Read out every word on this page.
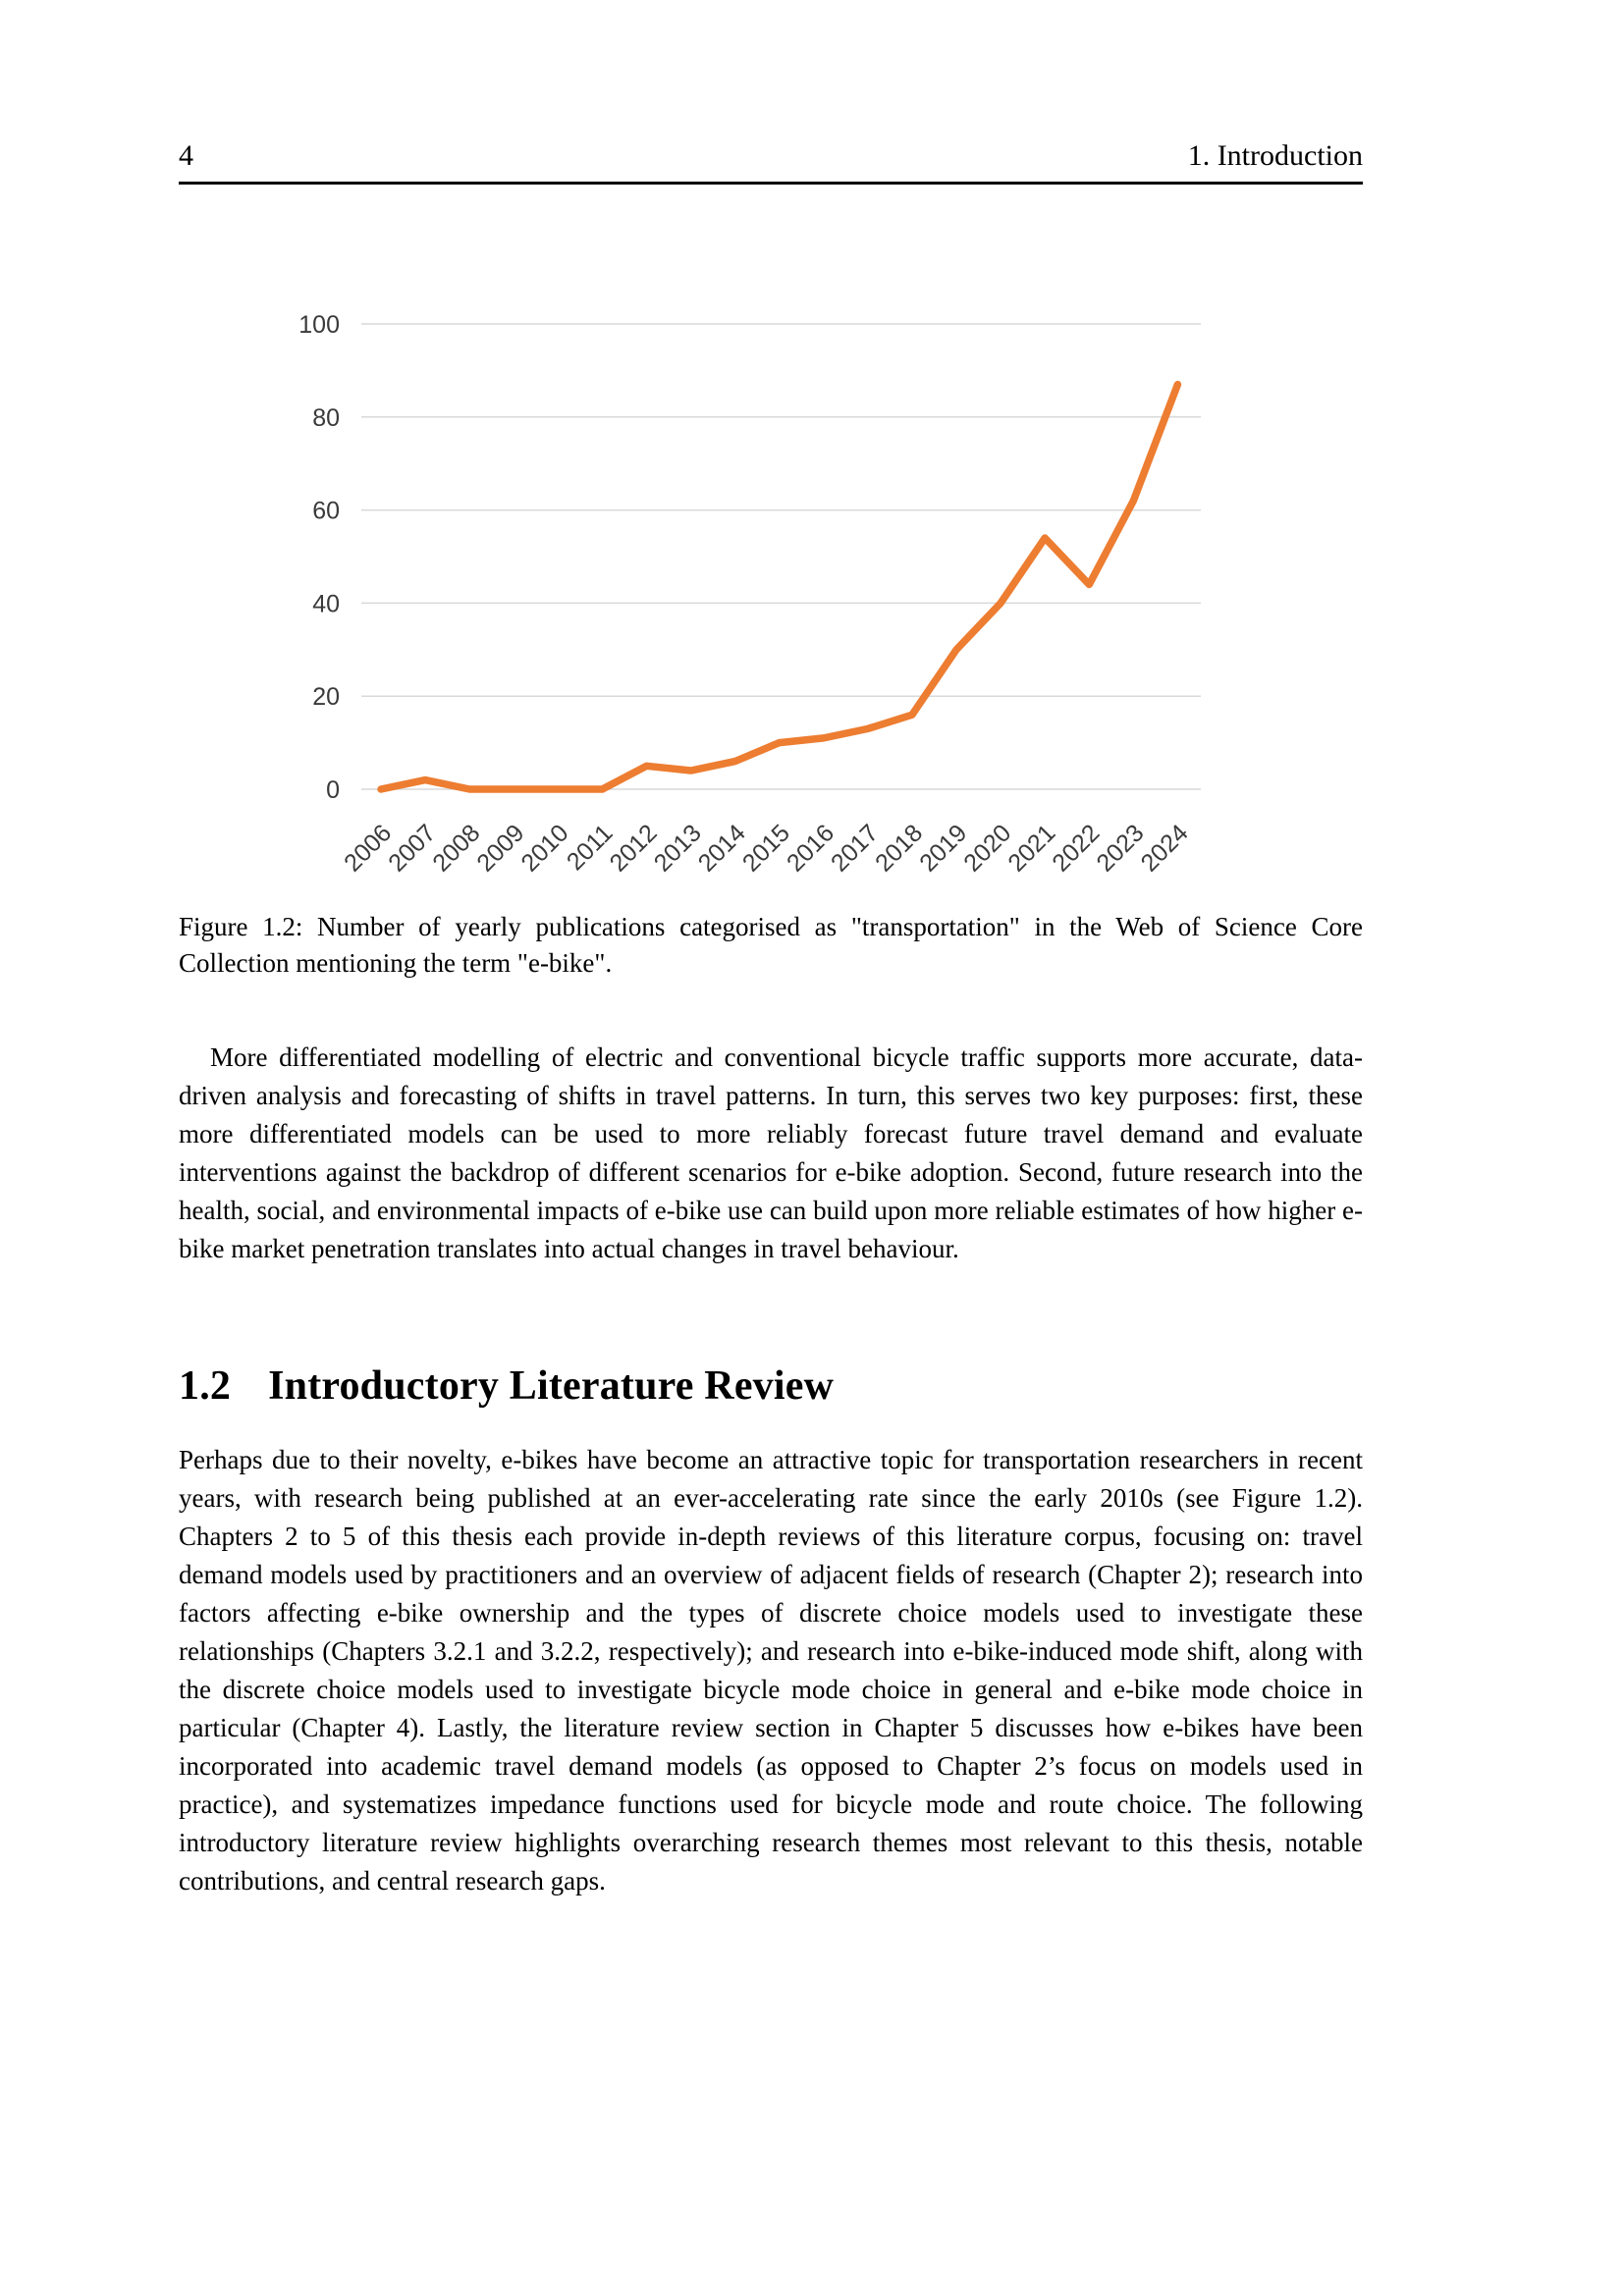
4	1. Introduction
0
20
40
60
80
100
2006
2007
2008
2009
2010
2011
2012
2013
2014
2015
2016
2017
2018
2019
2020
2021
2022
2023
2024
Figure 1.2: Number of yearly publications categorised as "transportation" in the Web of Science Core Collection mentioning the term "e-bike".
More differentiated modelling of electric and conventional bicycle traffic supports more accurate, data-driven analysis and forecasting of shifts in travel patterns. In turn, this serves two key purposes: first, these more differentiated models can be used to more reliably forecast future travel demand and evaluate interventions against the backdrop of different scenarios for e-bike adoption. Second, future research into the health, social, and environmental impacts of e-bike use can build upon more reliable estimates of how higher e-bike market penetration translates into actual changes in travel behaviour.
1.2 Introductory Literature Review
Perhaps due to their novelty, e-bikes have become an attractive topic for transportation researchers in recent years, with research being published at an ever-accelerating rate since the early 2010s (see Figure 1.2). Chapters 2 to 5 of this thesis each provide in-depth reviews of this literature corpus, focusing on: travel demand models used by practitioners and an overview of adjacent fields of research (Chapter 2); research into factors affecting e-bike ownership and the types of discrete choice models used to investigate these relationships (Chapters 3.2.1 and 3.2.2, respectively); and research into e-bike-induced mode shift, along with the discrete choice models used to investigate bicycle mode choice in general and e-bike mode choice in particular (Chapter 4). Lastly, the literature review section in Chapter 5 discusses how e-bikes have been incorporated into academic travel demand models (as opposed to Chapter 2’s focus on models used in practice), and systematizes impedance functions used for bicycle mode and route choice. The following introductory literature review highlights overarching research themes most relevant to this thesis, notable contributions, and central research gaps.
